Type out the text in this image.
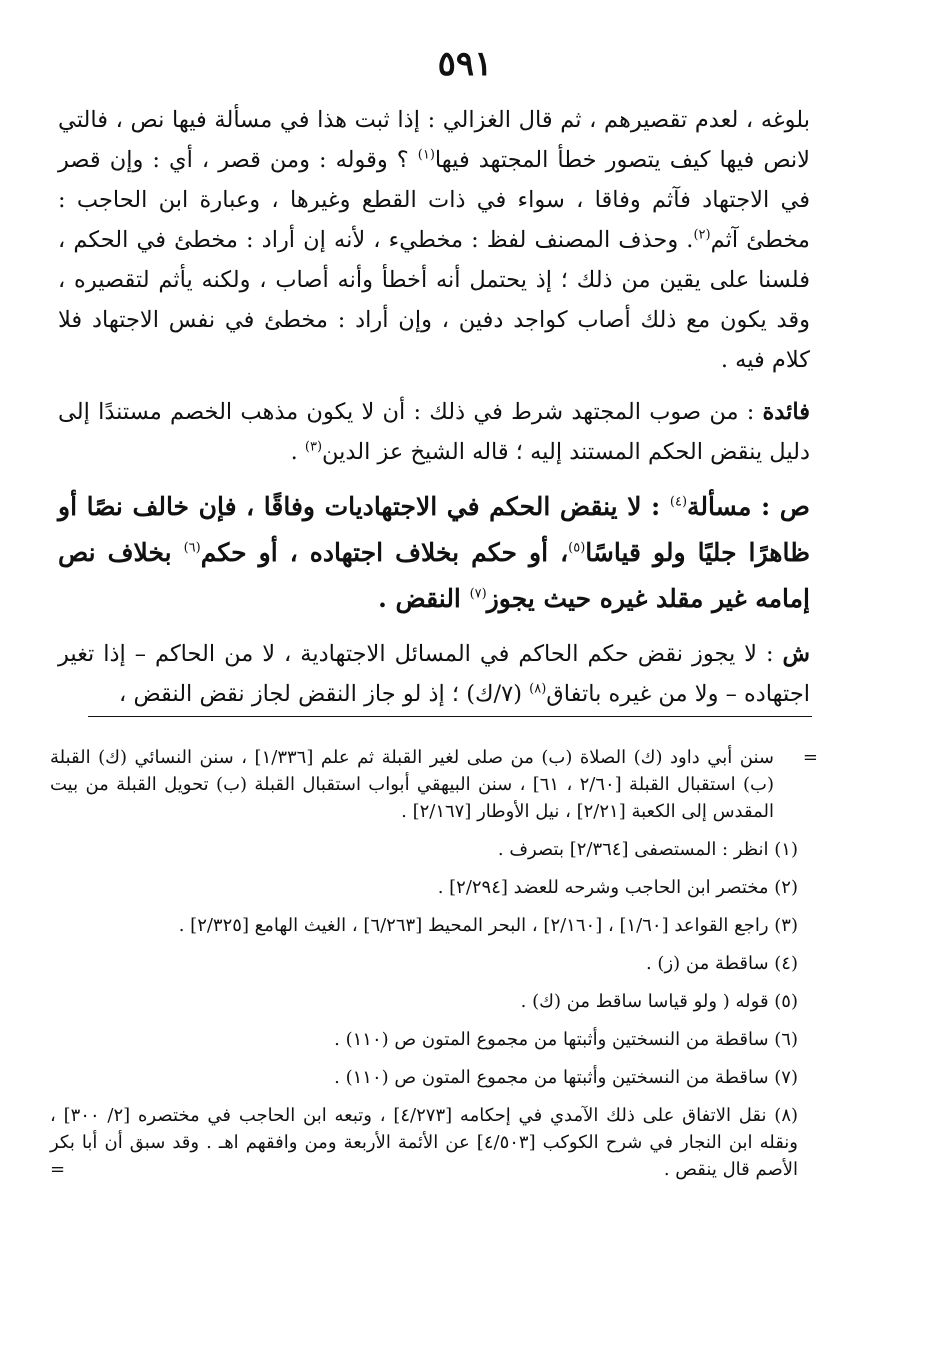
٥٩١

بلوغه ، لعدم تقصيرهم ، ثم قال الغزالي : إذا ثبت هذا في مسألة فيها نص ، فالتي لانص فيها كيف يتصور خطأ المجتهد فيها$^{(١)}$ ؟ وقوله : ومن قصر ، أي : وإن قصر في الاجتهاد فآثم وفاقا ، سواء في ذات القطع وغيرها ، وعبارة ابن الحاجب : مخطئ آثم$^{(٢)}$. وحذف المصنف لفظ : مخطيء ، لأنه إن أراد : مخطئ في الحكم ، فلسنا على يقين من ذلك ؛ إذ يحتمل أنه أخطأ وأنه أصاب ، ولكنه يأثم لتقصيره ، وقد يكون مع ذلك أصاب كواجد دفين ، وإن أراد : مخطئ في نفس الاجتهاد فلا كلام فيه .

فائدة : من صوب المجتهد شرط في ذلك : أن لا يكون مذهب الخصم مستندًا إلى دليل ينقض الحكم المستند إليه ؛ قاله الشيخ عز الدين$^{(٣)}$ .

ص : مسألة$^{(٤)}$ : لا ينقض الحكم في الاجتهاديات وفاقًا ، فإن خالف نصًا أو ظاهرًا جليًا ولو قياسًا$^{(٥)}$، أو حكم بخلاف اجتهاده ، أو حكم$^{(٦)}$ بخلاف نص إمامه غير مقلد غيره حيث يجوز$^{(٧)}$ النقض .

ش : لا يجوز نقض حكم الحاكم في المسائل الاجتهادية ، لا من الحاكم – إذا تغير اجتهاده – ولا من غيره باتفاق$^{(٨)}$ (٧/ك) ؛ إذ لو جاز النقض لجاز نقض النقض ،

=
سنن أبي داود (ك) الصلاة (ب) من صلى لغير القبلة ثم علم [١/٣٣٦] ، سنن النسائي (ك) القبلة (ب) استقبال القبلة [٢/٦٠ ، ٦١] ، سنن البيهقي أبواب استقبال القبلة (ب) تحويل القبلة من بيت المقدس إلى الكعبة [٢/٢١] ، نيل الأوطار [٢/١٦٧] .

(١) انظر : المستصفى [٢/٣٦٤] بتصرف .

(٢) مختصر ابن الحاجب وشرحه للعضد [٢/٢٩٤] .

(٣) راجع القواعد [١/٦٠] ، [٢/١٦٠] ، البحر المحيط [٦/٢٦٣] ، الغيث الهامع [٢/٣٢٥] .

(٤) ساقطة من (ز) .

(٥) قوله ( ولو قياسا ساقط من (ك) .

(٦) ساقطة من النسختين وأثبتها من مجموع المتون ص (١١٠) .

(٧) ساقطة من النسختين وأثبتها من مجموع المتون ص (١١٠) .

(٨) نقل الاتفاق على ذلك الآمدي في إحكامه [٤/٢٧٣] ، وتبعه ابن الحاجب في مختصره [٢/ ٣٠٠] ، ونقله ابن النجار في شرح الكوكب [٤/٥٠٣] عن الأئمة الأربعة ومن وافقهم اهـ . وقد سبق أن أبا بكر الأصم قال ينقص .
=
